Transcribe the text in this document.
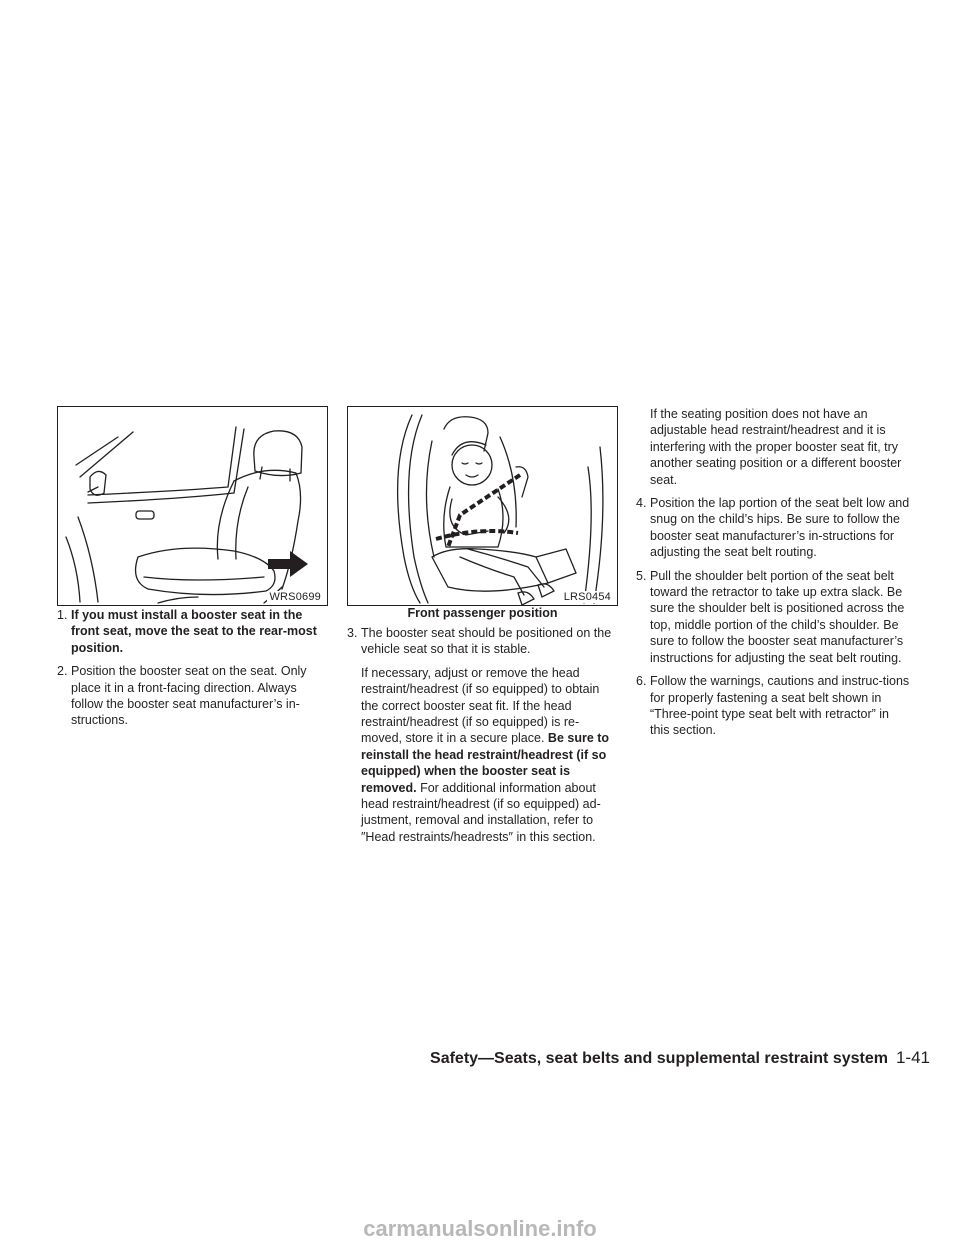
WRS0699	LRS0454
Front passenger position
1. If you must install a booster seat in the front seat, move the seat to the rear-most position.
2. Position the booster seat on the seat. Only place it in a front-facing direction. Always follow the booster seat manufacturer’s in-structions.
3. The booster seat should be positioned on the vehicle seat so that it is stable.
If necessary, adjust or remove the head restraint/headrest (if so equipped) to obtain the correct booster seat fit. If the head restraint/headrest (if so equipped) is re-moved, store it in a secure place. Be sure to reinstall the head restraint/headrest (if so equipped) when the booster seat is removed. For additional information about head restraint/headrest (if so equipped) ad-justment, removal and installation, refer to ″Head restraints/headrests″ in this section.
If the seating position does not have an adjustable head restraint/headrest and it is interfering with the proper booster seat fit, try another seating position or a different booster seat.
4. Position the lap portion of the seat belt low and snug on the child’s hips. Be sure to follow the booster seat manufacturer’s in-structions for adjusting the seat belt routing.
5. Pull the shoulder belt portion of the seat belt toward the retractor to take up extra slack. Be sure the shoulder belt is positioned across the top, middle portion of the child’s shoulder. Be sure to follow the booster seat manufacturer’s instructions for adjusting the seat belt routing.
6. Follow the warnings, cautions and instruc-tions for properly fastening a seat belt shown in “Three-point type seat belt with retractor” in this section.
Safety—Seats, seat belts and supplemental restraint system 1-41
carmanualsonline.info
